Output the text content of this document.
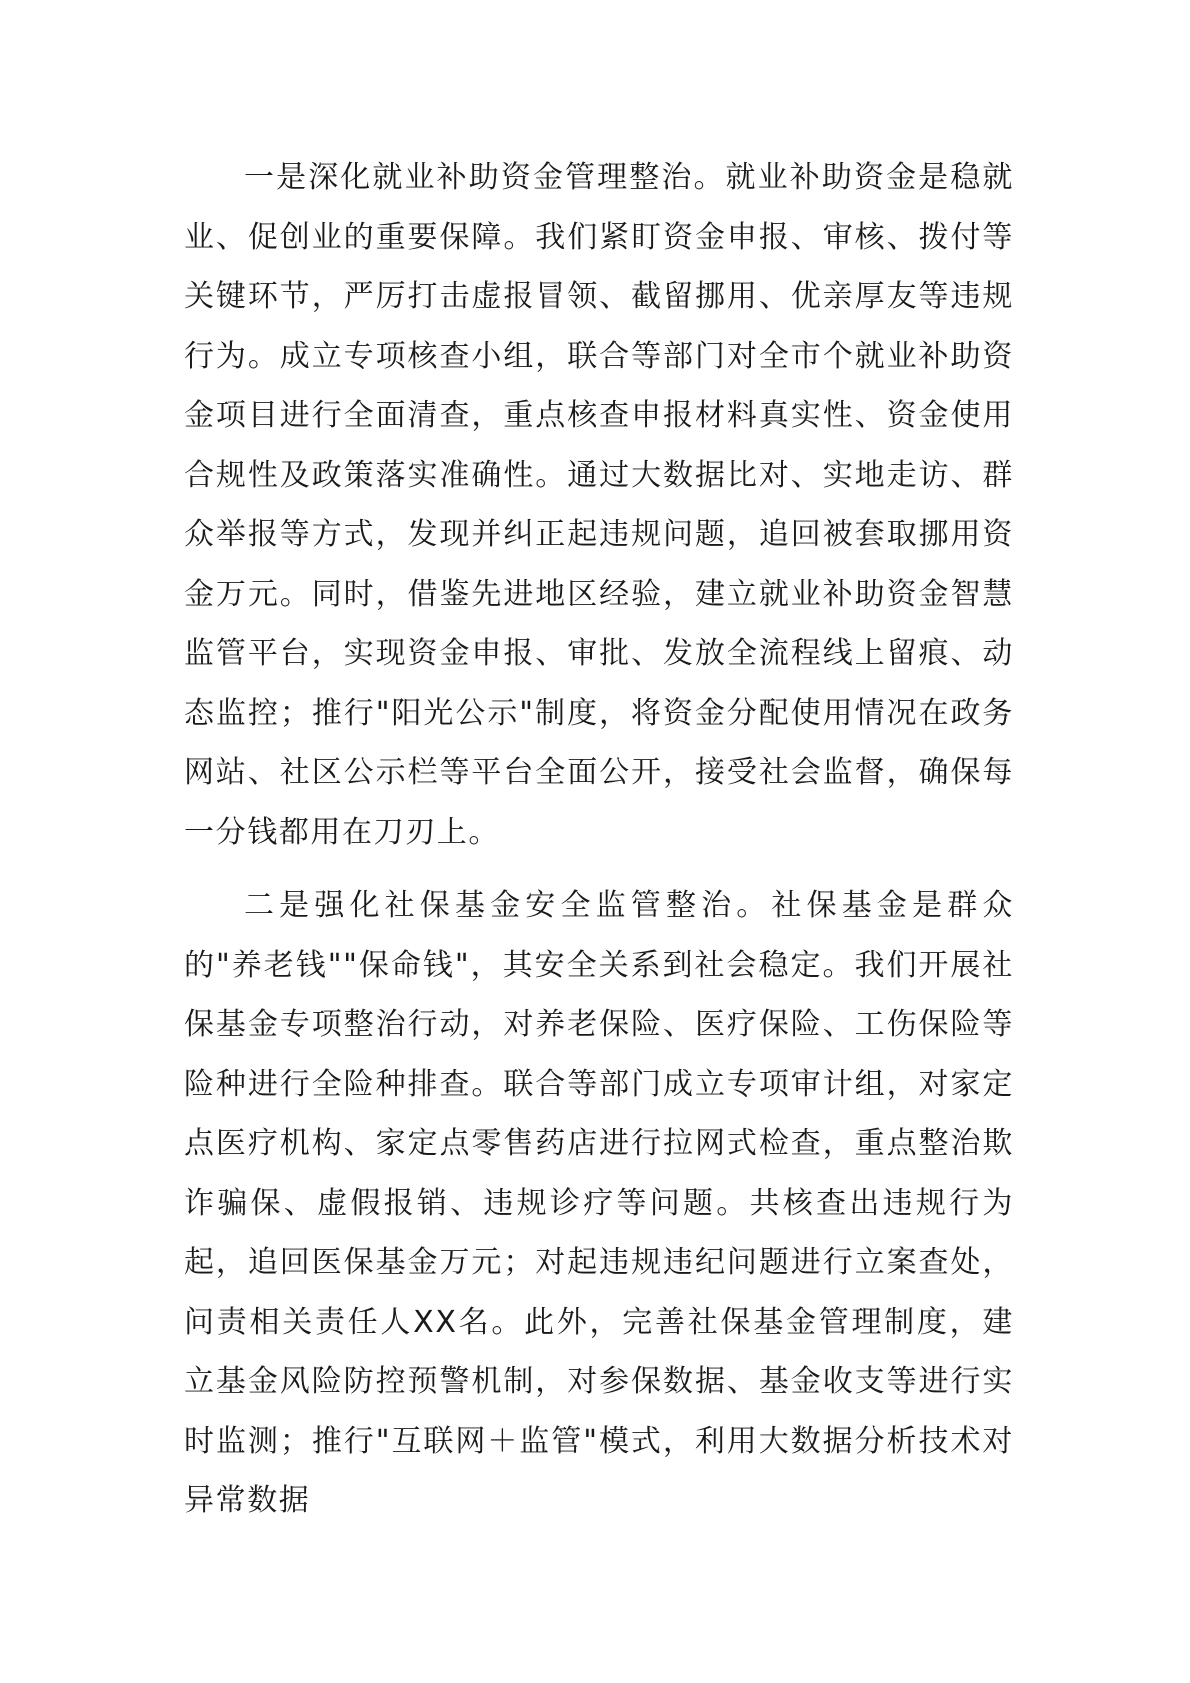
一是深化就业补助资金管理整治。就业补助资金是稳就业、促创业的重要保障。我们紧盯资金申报、审核、拨付等关键环节，严厉打击虚报冒领、截留挪用、优亲厚友等违规行为。成立专项核查小组，联合等部门对全市个就业补助资金项目进行全面清查，重点核查申报材料真实性、资金使用合规性及政策落实准确性。通过大数据比对、实地走访、群众举报等方式，发现并纠正起违规问题，追回被套取挪用资金万元。同时，借鉴先进地区经验，建立就业补助资金智慧监管平台，实现资金申报、审批、发放全流程线上留痕、动态监控；推行"阳光公示"制度，将资金分配使用情况在政务网站、社区公示栏等平台全面公开，接受社会监督，确保每一分钱都用在刀刃上。

二是强化社保基金安全监管整治。社保基金是群众的"养老钱""保命钱"，其安全关系到社会稳定。我们开展社保基金专项整治行动，对养老保险、医疗保险、工伤保险等险种进行全险种排查。联合等部门成立专项审计组，对家定点医疗机构、家定点零售药店进行拉网式检查，重点整治欺诈骗保、虚假报销、违规诊疗等问题。共核查出违规行为起，追回医保基金万元；对起违规违纪问题进行立案查处，问责相关责任人XX名。此外，完善社保基金管理制度，建立基金风险防控预警机制，对参保数据、基金收支等进行实时监测；推行"互联网＋监管"模式，利用大数据分析技术对异常数据
